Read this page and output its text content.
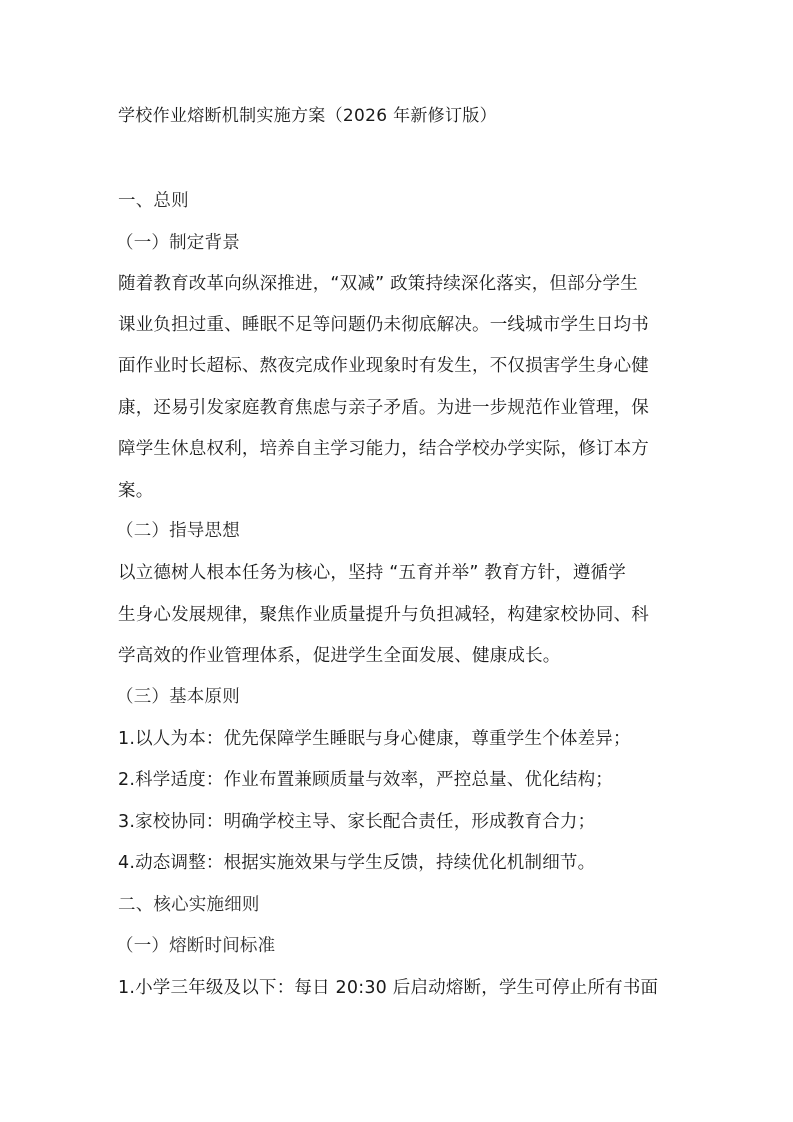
学校作业熔断机制实施方案（2026 年新修订版）
一、总则
（一）制定背景
随着教育改革向纵深推进，“双减” 政策持续深化落实，但部分学生
课业负担过重、睡眠不足等问题仍未彻底解决。一线城市学生日均书
面作业时长超标、熬夜完成作业现象时有发生，不仅损害学生身心健
康，还易引发家庭教育焦虑与亲子矛盾。为进一步规范作业管理，保
障学生休息权利，培养自主学习能力，结合学校办学实际，修订本方
案。
（二）指导思想
以立德树人根本任务为核心，坚持 “五育并举” 教育方针，遵循学
生身心发展规律，聚焦作业质量提升与负担减轻，构建家校协同、科
学高效的作业管理体系，促进学生全面发展、健康成长。
（三）基本原则
1.以人为本：优先保障学生睡眠与身心健康，尊重学生个体差异；
2.科学适度：作业布置兼顾质量与效率，严控总量、优化结构；
3.家校协同：明确学校主导、家长配合责任，形成教育合力；
4.动态调整：根据实施效果与学生反馈，持续优化机制细节。
二、核心实施细则
（一）熔断时间标准
1.小学三年级及以下：每日 20:30 后启动熔断，学生可停止所有书面
